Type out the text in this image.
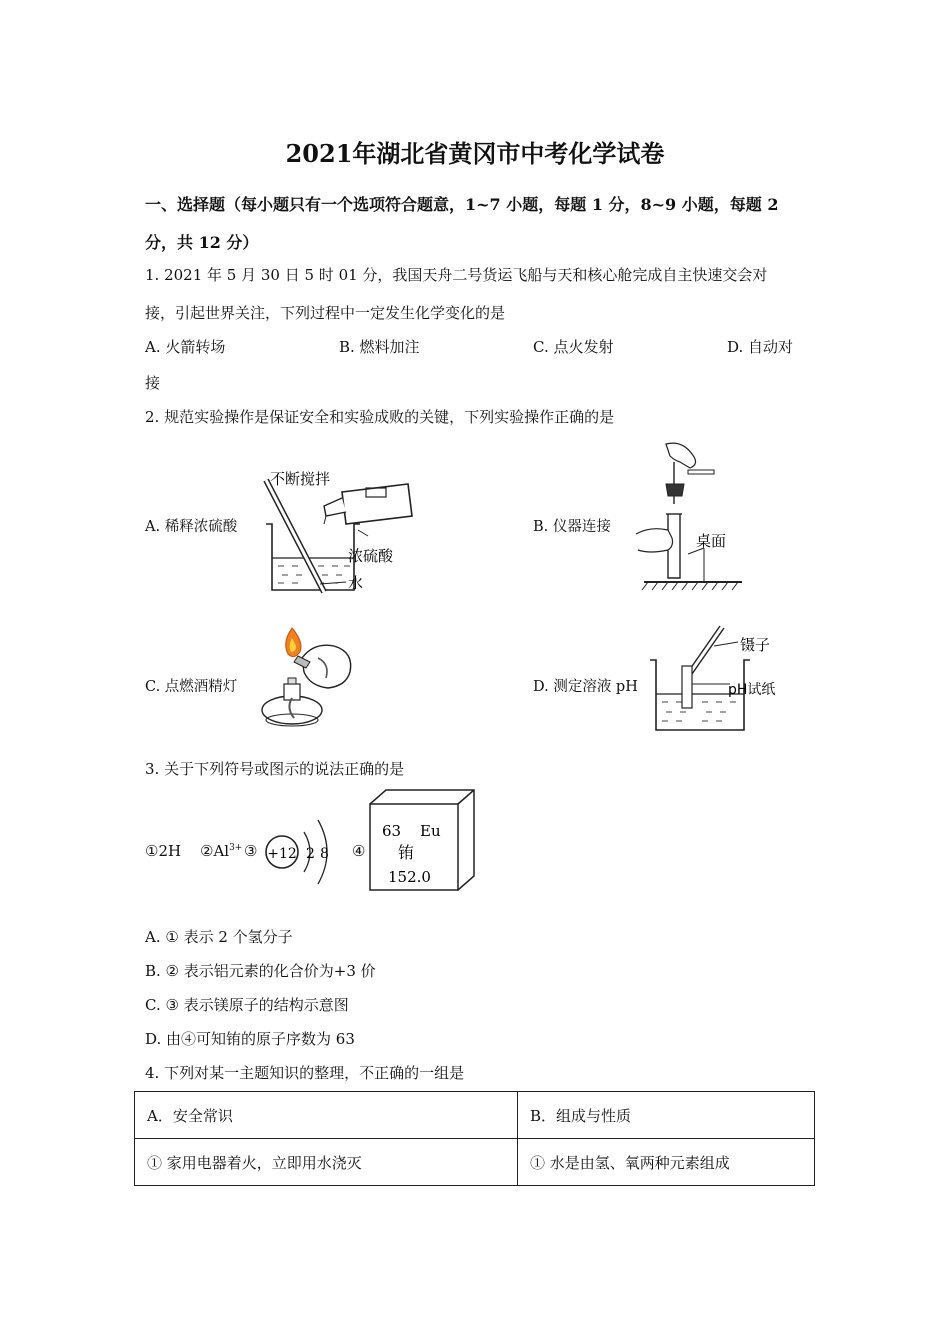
2021年湖北省黄冈市中考化学试卷
一、选择题（每小题只有一个选项符合题意，1~7 小题，每题 1 分，8~9 小题，每题 2
分，共 12 分）
1. 2021 年 5 月 30 日 5 时 01 分，我国天舟二号货运飞船与天和核心舱完成自主快速交会对
接，引起世界关注，下列过程中一定发生化学变化的是
A. 火箭转场	B. 燃料加注	C. 点火发射	D. 自动对
接
2. 规范实验操作是保证安全和实验成败的关键，下列实验操作正确的是
A. 稀释浓硫酸	B. 仪器连接
C. 点燃酒精灯	D. 测定溶液 pH
不断搅拌
浓硫酸
水
桌面
镊子
pH试纸
3. 关于下列符号或图示的说法正确的是
①2H $②Al^{3+}$ ③ +12 2 8 ④
63 Eu
铕
152.0
A. ① 表示 2 个氢分子
B. ② 表示铝元素的化合价为+3 价
C. ③ 表示镁原子的结构示意图
D. 由④可知铕的原子序数为 63
4. 下列对某一主题知识的整理，不正确的一组是
A．安全常识	B．组成与性质
① 家用电器着火，立即用水浇灭	① 水是由氢、氧两种元素组成
